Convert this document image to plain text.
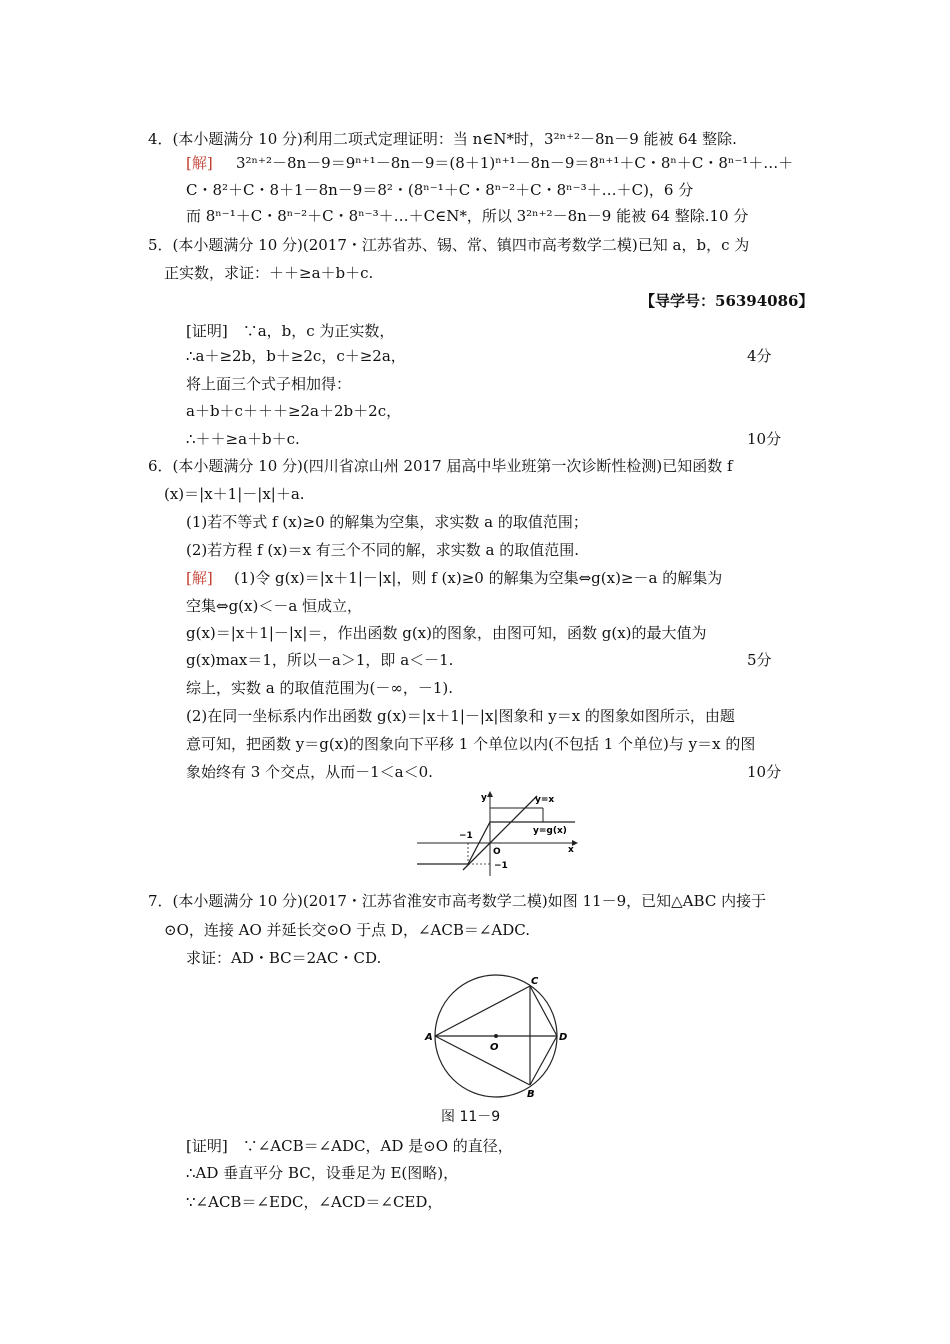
4．(本小题满分 10 分)利用二项式定理证明：当 n∈N*时，3²ⁿ⁺²－8n－9 能被 64 整除.
[解] 3²ⁿ⁺²－8n－9＝9ⁿ⁺¹－8n－9＝(8＋1)ⁿ⁺¹－8n－9＝8ⁿ⁺¹＋C・8ⁿ＋C・8ⁿ⁻¹＋…＋
C・8²＋C・8＋1－8n－9＝8²・(8ⁿ⁻¹＋C・8ⁿ⁻²＋C・8ⁿ⁻³＋…＋C)，6 分
而 8ⁿ⁻¹＋C・8ⁿ⁻²＋C・8ⁿ⁻³＋…＋C∈N*，所以 3²ⁿ⁺²－8n－9 能被 64 整除.10 分
5．(本小题满分 10 分)(2017・江苏省苏、锡、常、镇四市高考数学二模)已知 a，b，c 为
正实数，求证：＋＋≥a＋b＋c.
【导学号：56394086】
[证明]　∵a，b，c 为正实数，
∴a＋≥2b，b＋≥2c，c＋≥2a，	4分
将上面三个式子相加得：
a＋b＋c＋＋＋≥2a＋2b＋2c，
∴＋＋≥a＋b＋c.	10分
6．(本小题满分 10 分)(四川省凉山州 2017 届高中毕业班第一次诊断性检测)已知函数 f
(x)＝|x＋1|－|x|＋a.
(1)若不等式 f (x)≥0 的解集为空集，求实数 a 的取值范围；
(2)若方程 f (x)＝x 有三个不同的解，求实数 a 的取值范围.
[解] (1)令 g(x)＝|x＋1|－|x|，则 f (x)≥0 的解集为空集⇔g(x)≥－a 的解集为
空集⇔g(x)＜－a 恒成立，
g(x)＝|x＋1|－|x|＝，作出函数 g(x)的图象，由图可知，函数 g(x)的最大值为
g(x)max＝1，所以－a＞1，即 a＜－1.	5分
综上，实数 a 的取值范围为(－∞，－1).
(2)在同一坐标系内作出函数 g(x)＝|x＋1|－|x|图象和 y＝x 的图象如图所示，由题
意可知，把函数 y＝g(x)的图象向下平移 1 个单位以内(不包括 1 个单位)与 y＝x 的图
象始终有 3 个交点，从而－1＜a＜0.	10分
y
x
y=x
y=g(x)
O
−1
−1
7．(本小题满分 10 分)(2017・江苏省淮安市高考数学二模)如图 11－9，已知△ABC 内接于
⊙O，连接 AO 并延长交⊙O 于点 D，∠ACB＝∠ADC.
求证：AD・BC＝2AC・CD.
A
C
D
B
O
图 11－9
[证明]　∵∠ACB＝∠ADC，AD 是⊙O 的直径，
∴AD 垂直平分 BC，设垂足为 E(图略)，
∵∠ACB＝∠EDC，∠ACD＝∠CED，
